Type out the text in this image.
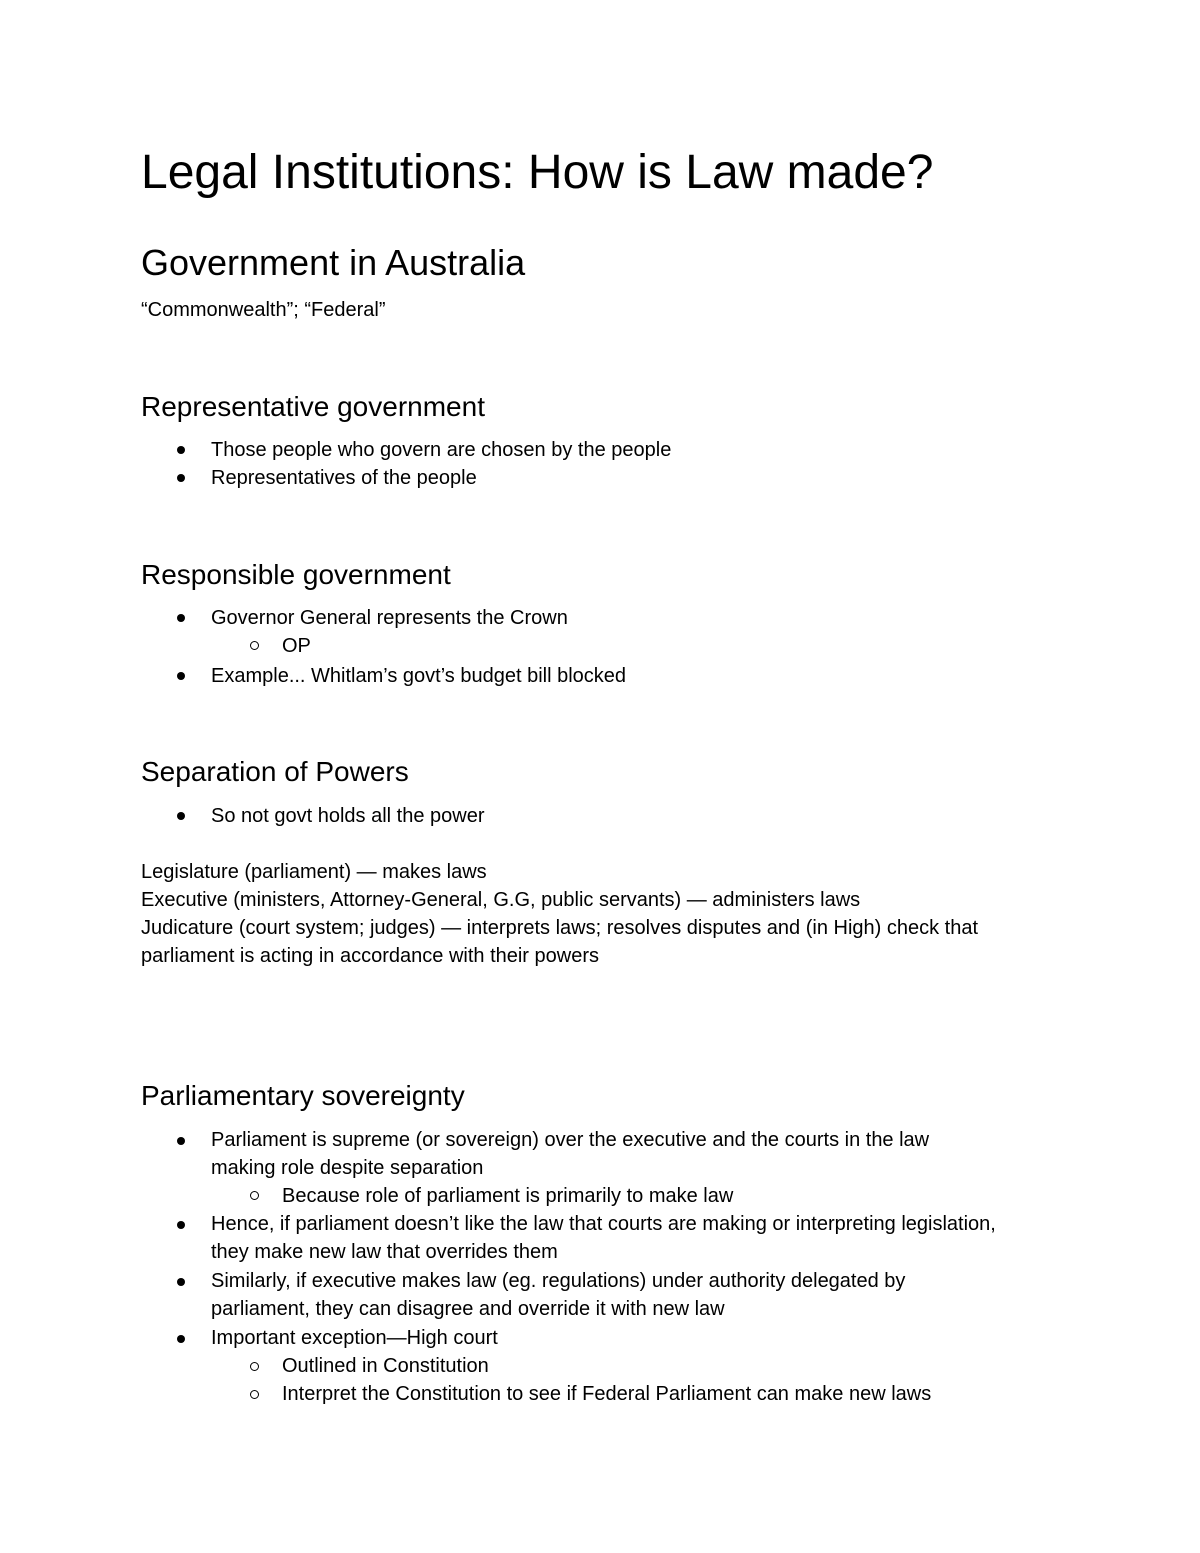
Legal Institutions: How is Law made?
Government in Australia
“Commonwealth”; “Federal”
Representative government
Those people who govern are chosen by the people
Representatives of the people
Responsible government
Governor General represents the Crown
OP
Example... Whitlam’s govt’s budget bill blocked
Separation of Powers
So not govt holds all the power
Legislature (parliament) — makes laws
Executive (ministers, Attorney-General, G.G, public servants) — administers laws
Judicature (court system; judges) — interprets laws; resolves disputes and (in High) check that
parliament is acting in accordance with their powers
Parliamentary sovereignty
Parliament is supreme (or sovereign) over the executive and the courts in the law
making role despite separation
Because role of parliament is primarily to make law
Hence, if parliament doesn’t like the law that courts are making or interpreting legislation,
they make new law that overrides them
Similarly, if executive makes law (eg. regulations) under authority delegated by
parliament, they can disagree and override it with new law
Important exception—High court
Outlined in Constitution
Interpret the Constitution to see if Federal Parliament can make new laws
